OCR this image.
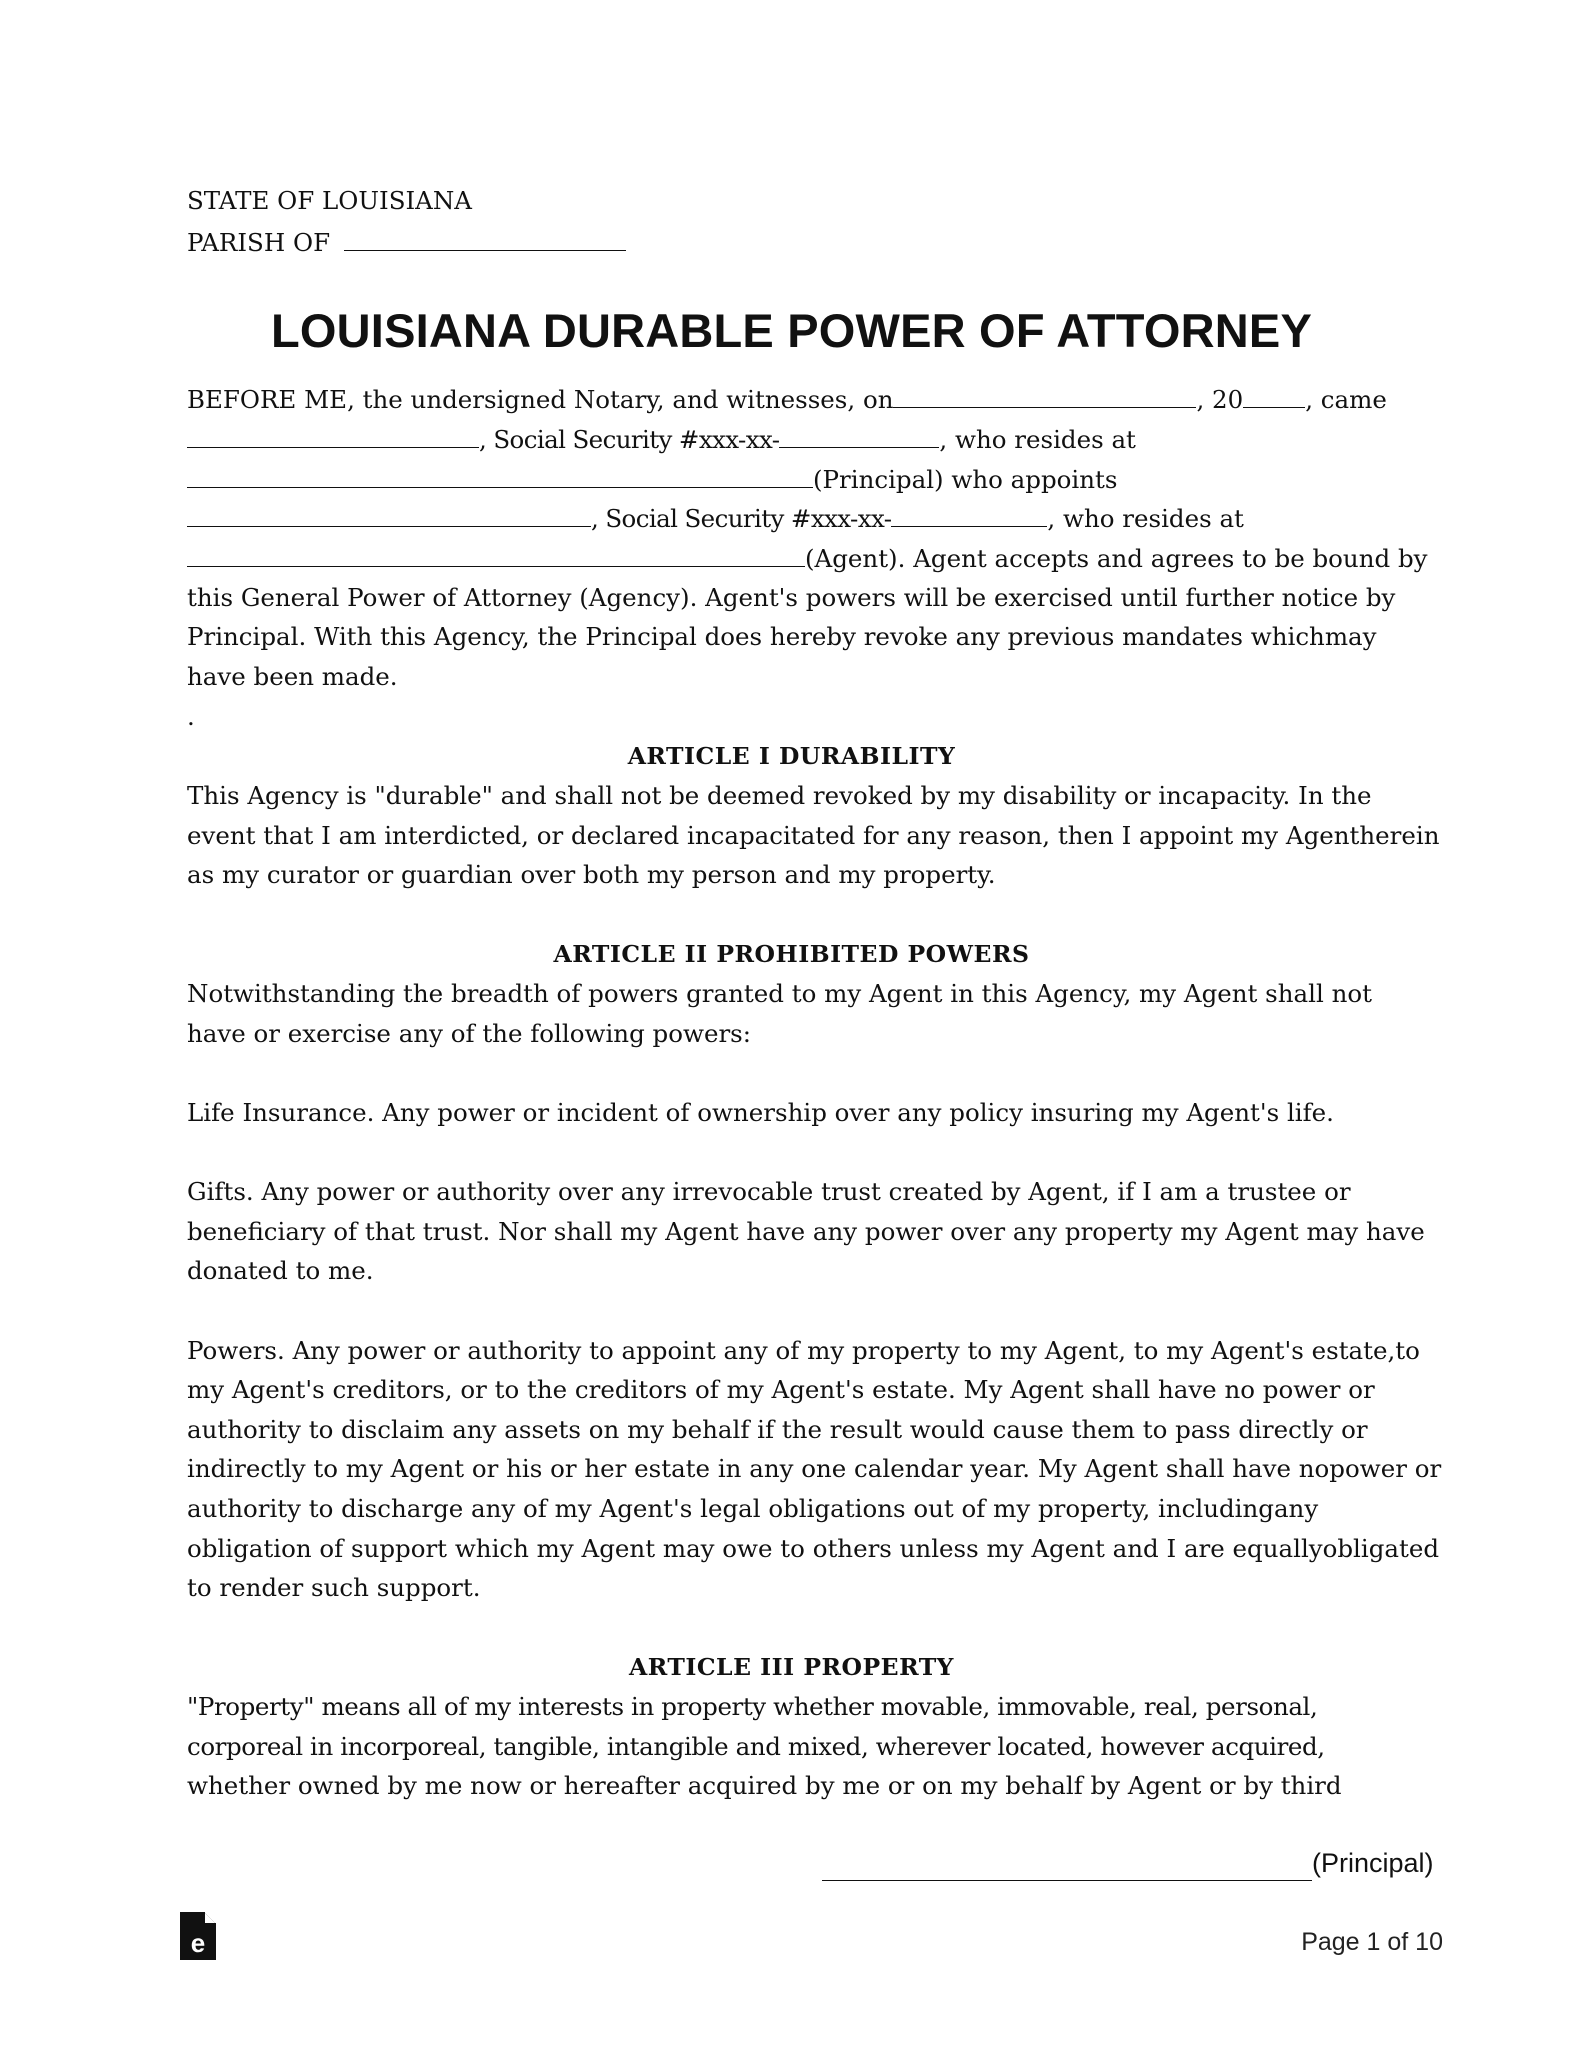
STATE OF LOUISIANA
PARISH OF
LOUISIANA DURABLE POWER OF ATTORNEY
BEFORE ME, the undersigned Notary, and witnesses, on	, 20	, came
, Social Security #xxx-xx-	, who resides at
(Principal) who appoints
, Social Security #xxx-xx-	, who resides at
(Agent). Agent accepts and agrees to be bound by
this General Power of Attorney (Agency). Agent's powers will be exercised until further notice by
Principal. With this Agency, the Principal does hereby revoke any previous mandates whichmay
have been made.
.
ARTICLE I DURABILITY
This Agency is "durable" and shall not be deemed revoked by my disability or incapacity. In the
event that I am interdicted, or declared incapacitated for any reason, then I appoint my Agentherein
as my curator or guardian over both my person and my property.
ARTICLE II PROHIBITED POWERS
Notwithstanding the breadth of powers granted to my Agent in this Agency, my Agent shall not
have or exercise any of the following powers:
Life Insurance. Any power or incident of ownership over any policy insuring my Agent's life.
Gifts. Any power or authority over any irrevocable trust created by Agent, if I am a trustee or
beneficiary of that trust. Nor shall my Agent have any power over any property my Agent may have
donated to me.
Powers. Any power or authority to appoint any of my property to my Agent, to my Agent's estate,to
my Agent's creditors, or to the creditors of my Agent's estate. My Agent shall have no power or
authority to disclaim any assets on my behalf if the result would cause them to pass directly or
indirectly to my Agent or his or her estate in any one calendar year. My Agent shall have nopower or
authority to discharge any of my Agent's legal obligations out of my property, includingany
obligation of support which my Agent may owe to others unless my Agent and I are equallyobligated
to render such support.
ARTICLE III PROPERTY
"Property" means all of my interests in property whether movable, immovable, real, personal,
corporeal in incorporeal, tangible, intangible and mixed, wherever located, however acquired,
whether owned by me now or hereafter acquired by me or on my behalf by Agent or by third
(Principal)
e	Page 1 of 10
